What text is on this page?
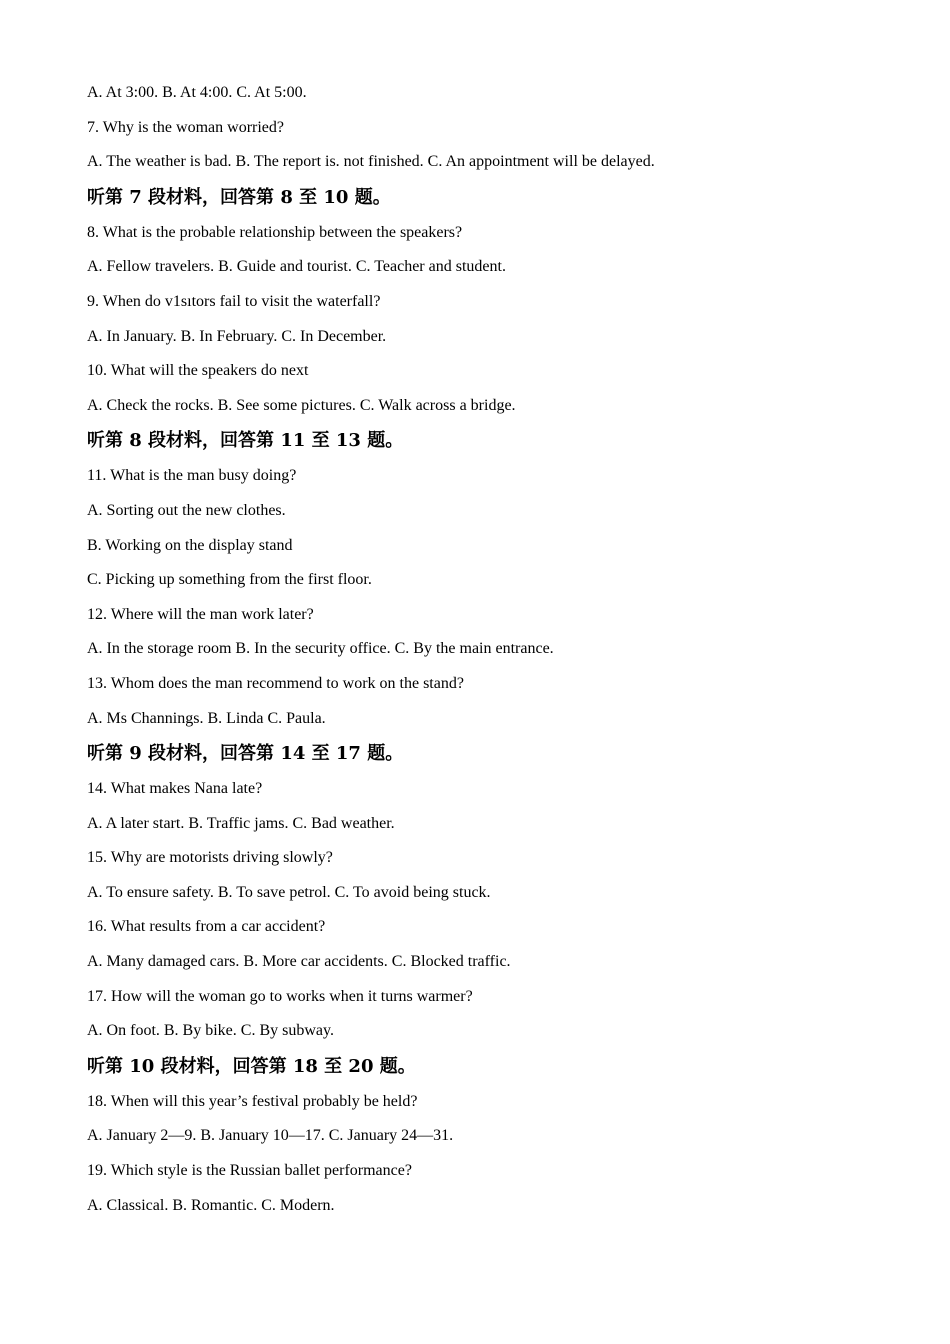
A. At 3:00. B. At 4:00. C. At 5:00.
7. Why is the woman worried?
A. The weather is bad. B. The report is. not finished. C. An appointment will be delayed.
听第 7 段材料，回答第 8 至 10 题。
8. What is the probable relationship between the speakers?
A. Fellow travelers. B. Guide and tourist. C. Teacher and student.
9. When do v1sıtors fail to visit the waterfall?
A. In January. B. In February. C. In December.
10. What will the speakers do next
A. Check the rocks. B. See some pictures. C. Walk across a bridge.
听第 8 段材料，回答第 11 至 13 题。
11. What is the man busy doing?
A. Sorting out the new clothes.
B. Working on the display stand
C. Picking up something from the first floor.
12. Where will the man work later?
A. In the storage room B. In the security office. C. By the main entrance.
13. Whom does the man recommend to work on the stand?
A. Ms Channings. B. Linda C. Paula.
听第 9 段材料，回答第 14 至 17 题。
14. What makes Nana late?
A. A later start. B. Traffic jams. C. Bad weather.
15. Why are motorists driving slowly?
A. To ensure safety. B. To save petrol. C. To avoid being stuck.
16. What results from a car accident?
A. Many damaged cars. B. More car accidents. C. Blocked traffic.
17. How will the woman go to works when it turns warmer?
A. On foot. B. By bike. C. By subway.
听第 10 段材料，回答第 18 至 20 题。
18. When will this year’s festival probably be held?
A. January 2—9. B. January 10—17. C. January 24—31.
19. Which style is the Russian ballet performance?
A. Classical. B. Romantic. C. Modern.
